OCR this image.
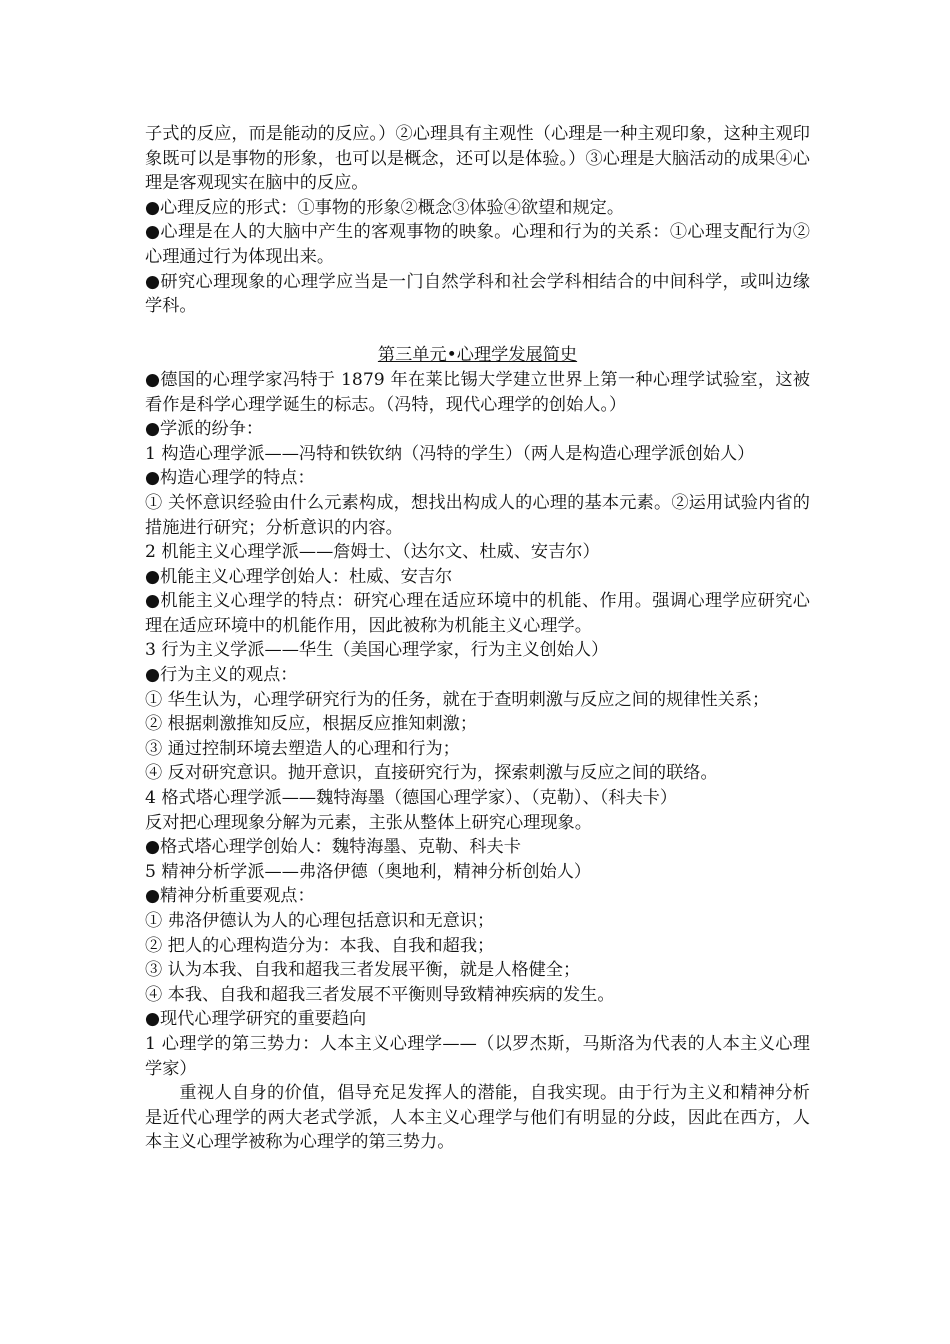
子式的反应，而是能动的反应。）②心理具有主观性（心理是一种主观印象，这种主观印象既可以是事物的形象，也可以是概念，还可以是体验。）③心理是大脑活动的成果④心理是客观现实在脑中的反应。

●心理反应的形式：①事物的形象②概念③体验④欲望和规定。

●心理是在人的大脑中产生的客观事物的映象。心理和行为的关系：①心理支配行为②心理通过行为体现出来。

●研究心理现象的心理学应当是一门自然学科和社会学科相结合的中间科学，或叫边缘学科。

第三单元•心理学发展简史

●德国的心理学家冯特于 1879 年在莱比锡大学建立世界上第一种心理学试验室，这被看作是科学心理学诞生的标志。（冯特，现代心理学的创始人。）

●学派的纷争：

1 构造心理学派——冯特和铁钦纳（冯特的学生）（两人是构造心理学派创始人）

●构造心理学的特点：

① 关怀意识经验由什么元素构成，想找出构成人的心理的基本元素。②运用试验内省的措施进行研究；分析意识的内容。

2 机能主义心理学派——詹姆士、（达尔文、杜威、安吉尔）

●机能主义心理学创始人：杜威、安吉尔

●机能主义心理学的特点：研究心理在适应环境中的机能、作用。强调心理学应研究心理在适应环境中的机能作用，因此被称为机能主义心理学。

3 行为主义学派——华生（美国心理学家，行为主义创始人）

●行为主义的观点：

① 华生认为，心理学研究行为的任务，就在于查明刺激与反应之间的规律性关系；

② 根据刺激推知反应，根据反应推知刺激；

③ 通过控制环境去塑造人的心理和行为；

④ 反对研究意识。抛开意识，直接研究行为，探索刺激与反应之间的联络。

4 格式塔心理学派——魏特海墨（德国心理学家）、（克勒）、（科夫卡）

反对把心理现象分解为元素，主张从整体上研究心理现象。

●格式塔心理学创始人：魏特海墨、克勒、科夫卡

5 精神分析学派——弗洛伊德（奥地利，精神分析创始人）

●精神分析重要观点：

① 弗洛伊德认为人的心理包括意识和无意识；

② 把人的心理构造分为：本我、自我和超我；

③ 认为本我、自我和超我三者发展平衡，就是人格健全；

④ 本我、自我和超我三者发展不平衡则导致精神疾病的发生。

●现代心理学研究的重要趋向

1 心理学的第三势力：人本主义心理学——（以罗杰斯，马斯洛为代表的人本主义心理学家）

重视人自身的价值，倡导充足发挥人的潜能，自我实现。由于行为主义和精神分析是近代心理学的两大老式学派，人本主义心理学与他们有明显的分歧，因此在西方，人本主义心理学被称为心理学的第三势力。
